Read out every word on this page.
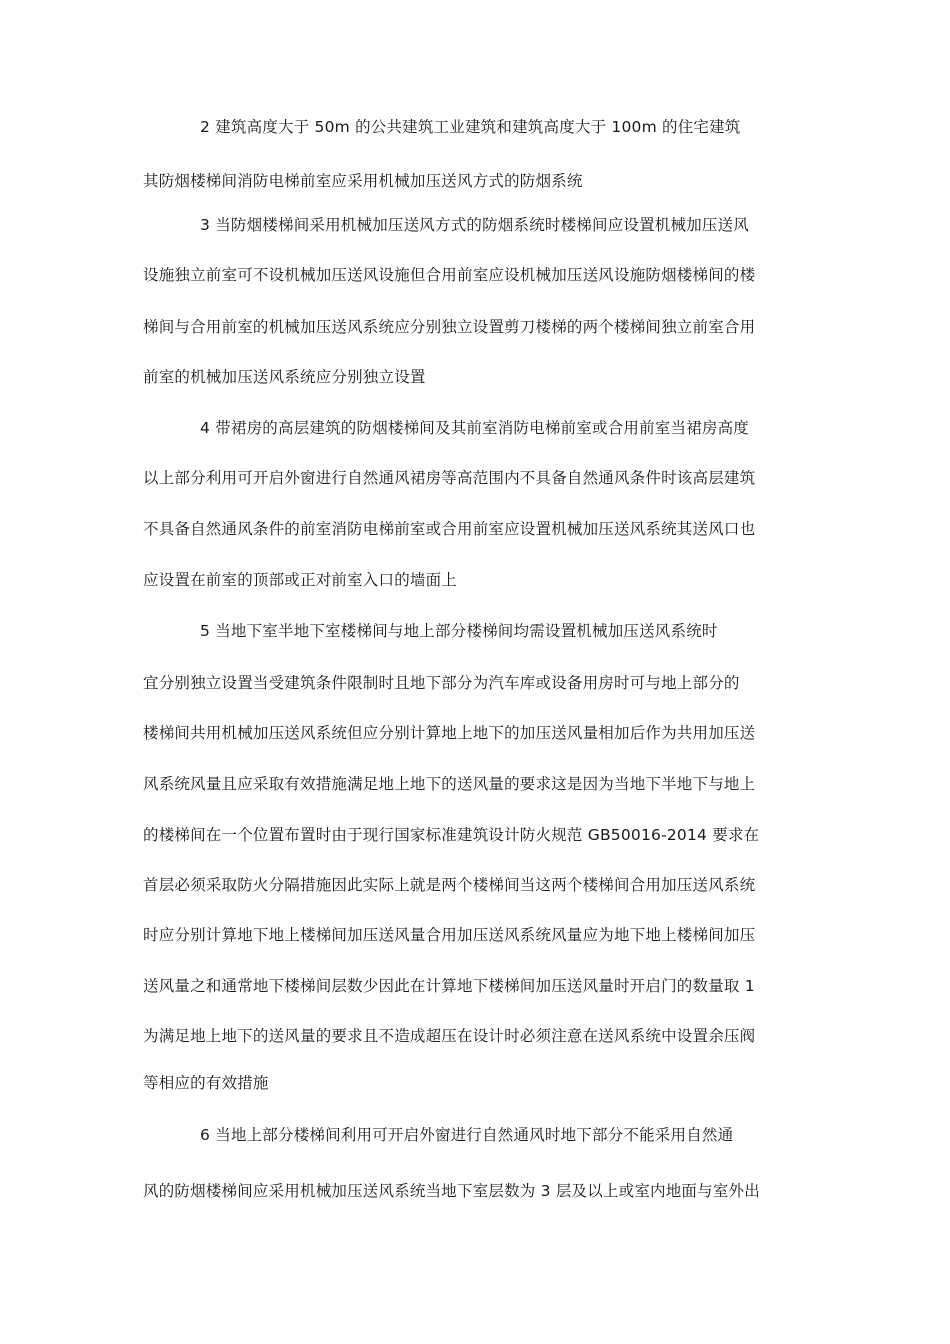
2 建筑高度大于 50m 的公共建筑工业建筑和建筑高度大于 100m 的住宅建筑
其防烟楼梯间消防电梯前室应采用机械加压送风方式的防烟系统
3 当防烟楼梯间采用机械加压送风方式的防烟系统时楼梯间应设置机械加压送风
设施独立前室可不设机械加压送风设施但合用前室应设机械加压送风设施防烟楼梯间的楼
梯间与合用前室的机械加压送风系统应分别独立设置剪刀楼梯的两个楼梯间独立前室合用
前室的机械加压送风系统应分别独立设置
4 带裙房的高层建筑的防烟楼梯间及其前室消防电梯前室或合用前室当裙房高度
以上部分利用可开启外窗进行自然通风裙房等高范围内不具备自然通风条件时该高层建筑
不具备自然通风条件的前室消防电梯前室或合用前室应设置机械加压送风系统其送风口也
应设置在前室的顶部或正对前室入口的墙面上
5 当地下室半地下室楼梯间与地上部分楼梯间均需设置机械加压送风系统时
宜分别独立设置当受建筑条件限制时且地下部分为汽车库或设备用房时可与地上部分的
楼梯间共用机械加压送风系统但应分别计算地上地下的加压送风量相加后作为共用加压送
风系统风量且应采取有效措施满足地上地下的送风量的要求这是因为当地下半地下与地上
的楼梯间在一个位置布置时由于现行国家标准建筑设计防火规范 GB50016-2014 要求在
首层必须采取防火分隔措施因此实际上就是两个楼梯间当这两个楼梯间合用加压送风系统
时应分别计算地下地上楼梯间加压送风量合用加压送风系统风量应为地下地上楼梯间加压
送风量之和通常地下楼梯间层数少因此在计算地下楼梯间加压送风量时开启门的数量取 1
为满足地上地下的送风量的要求且不造成超压在设计时必须注意在送风系统中设置余压阀
等相应的有效措施
6 当地上部分楼梯间利用可开启外窗进行自然通风时地下部分不能采用自然通
风的防烟楼梯间应采用机械加压送风系统当地下室层数为 3 层及以上或室内地面与室外出
